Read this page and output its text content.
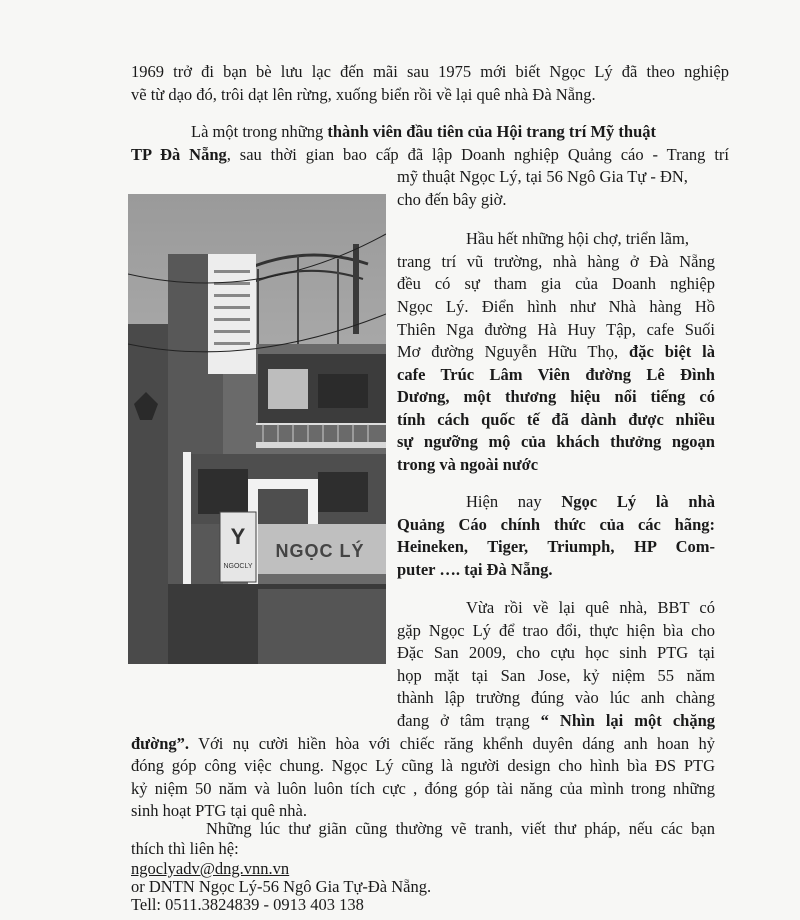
1969 trở đi bạn bè lưu lạc đến mãi sau 1975 mới biết Ngọc Lý đã theo nghiệp
vẽ từ dạo đó, trôi dạt lên rừng, xuống biển rồi về lại quê nhà Đà Nẵng.
Là một trong những thành viên đầu tiên của Hội trang trí Mỹ thuật
TP Đà Nẵng, sau thời gian bao cấp đã lập Doanh nghiệp Quảng cáo - Trang trí
mỹ thuật Ngọc Lý, tại 56 Ngô Gia Tự - ĐN,
cho đến bây giờ.
Y
NGOCLY
NGỌC LÝ
Hầu hết những hội chợ, triển lãm,
trang trí vũ trường, nhà hàng ở Đà Nẵng
đều có sự tham gia của Doanh nghiệp
Ngọc Lý. Điển hình như Nhà hàng Hồ
Thiên Nga đường Hà Huy Tập, cafe Suối
Mơ đường Nguyễn Hữu Thọ, đặc biệt là
cafe Trúc Lâm Viên đường Lê Đình
Dương, một thương hiệu nổi tiếng có
tính cách quốc tế đã dành được nhiều
sự ngưỡng mộ của khách thưởng ngoạn
trong và ngoài nước
Hiện nay Ngọc Lý là nhà
Quảng Cáo chính thức của các hãng:
Heineken, Tiger, Triumph, HP Com-
puter …. tại Đà Nẵng.
Vừa rồi về lại quê nhà, BBT có
gặp Ngọc Lý để trao đổi, thực hiện bìa cho
Đặc San 2009, cho cựu học sinh PTG tại
họp mặt tại San Jose, kỷ niệm 55 năm
thành lập trường đúng vào lúc anh chàng
đang ở tâm trạng “ Nhìn lại một chặng
đường”. Với nụ cười hiền hòa với chiếc răng khểnh duyên dáng anh hoan hỷ
đóng góp công việc chung. Ngọc Lý cũng là người design cho hình bìa ĐS PTG
kỷ niệm 50 năm và luôn luôn tích cực , đóng góp tài năng của mình trong những
sinh hoạt PTG tại quê nhà.
Những lúc thư giãn cũng thường vẽ tranh, viết thư pháp, nếu các bạn
thích thì liên hệ:
ngoclyadv@dng.vnn.vn
or DNTN Ngọc Lý-56 Ngô Gia Tự-Đà Nẵng.
Tell: 0511.3824839 - 0913 403 138
